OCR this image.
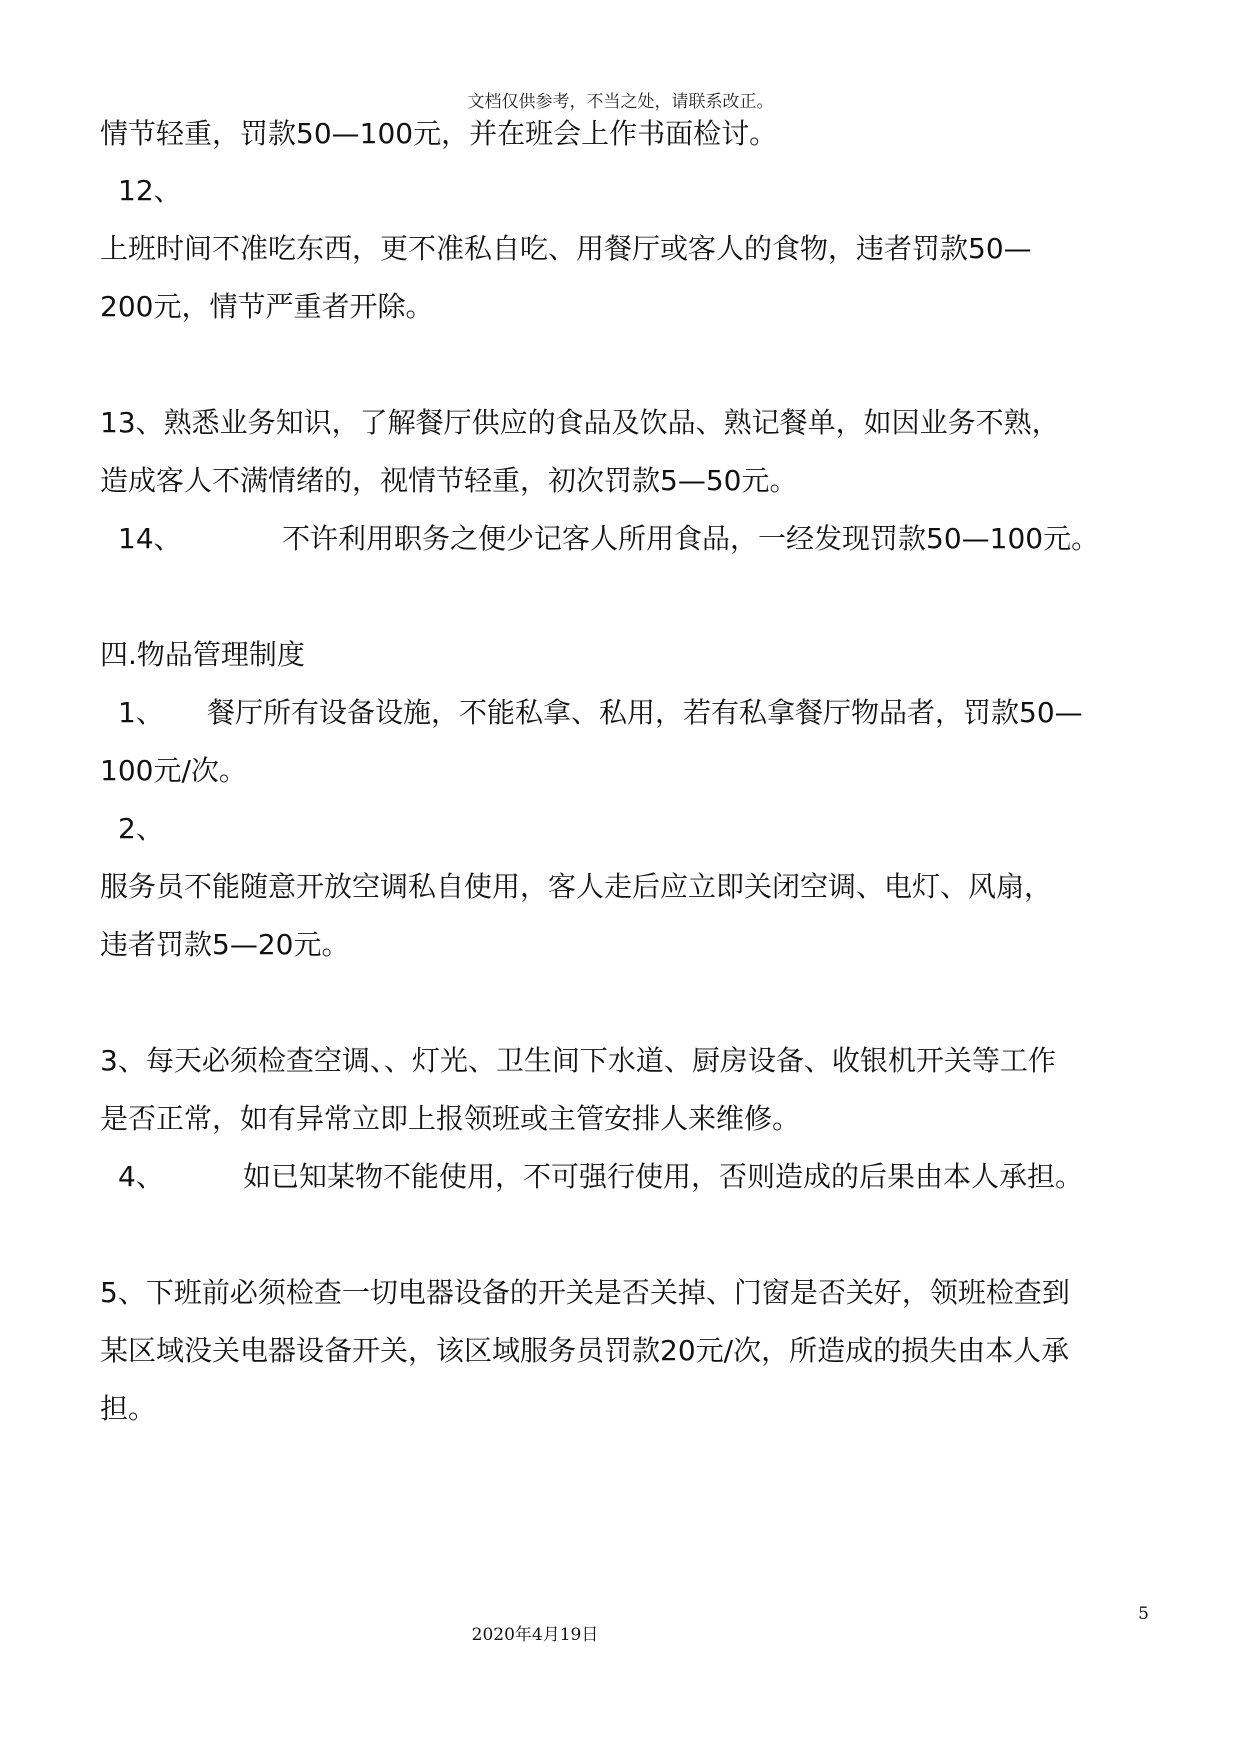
文档仅供参考，不当之处，请联系改正。
情节轻重，罚款50—100元，并在班会上作书面检讨。
12、
上班时间不准吃东西，更不准私自吃、用餐厅或客人的食物，违者罚款50—
200元，情节严重者开除。
13、熟悉业务知识，了解餐厅供应的食品及饮品、熟记餐单，如因业务不熟，
造成客人不满情绪的，视情节轻重，初次罚款5—50元。
14、	不许利用职务之便少记客人所用食品，一经发现罚款50—100元。
四.物品管理制度
1、 餐厅所有设备设施，不能私拿、私用，若有私拿餐厅物品者，罚款50—
100元/次。
2、
服务员不能随意开放空调私自使用，客人走后应立即关闭空调、电灯、风扇，
违者罚款5—20元。
3、每天必须检查空调、、灯光、卫生间下水道、厨房设备、收银机开关等工作
是否正常，如有异常立即上报领班或主管安排人来维修。
4、	如已知某物不能使用，不可强行使用，否则造成的后果由本人承担。
5、下班前必须检查一切电器设备的开关是否关掉、门窗是否关好，领班检查到
某区域没关电器设备开关，该区域服务员罚款20元/次，所造成的损失由本人承
担。
5
2020年4月19日
